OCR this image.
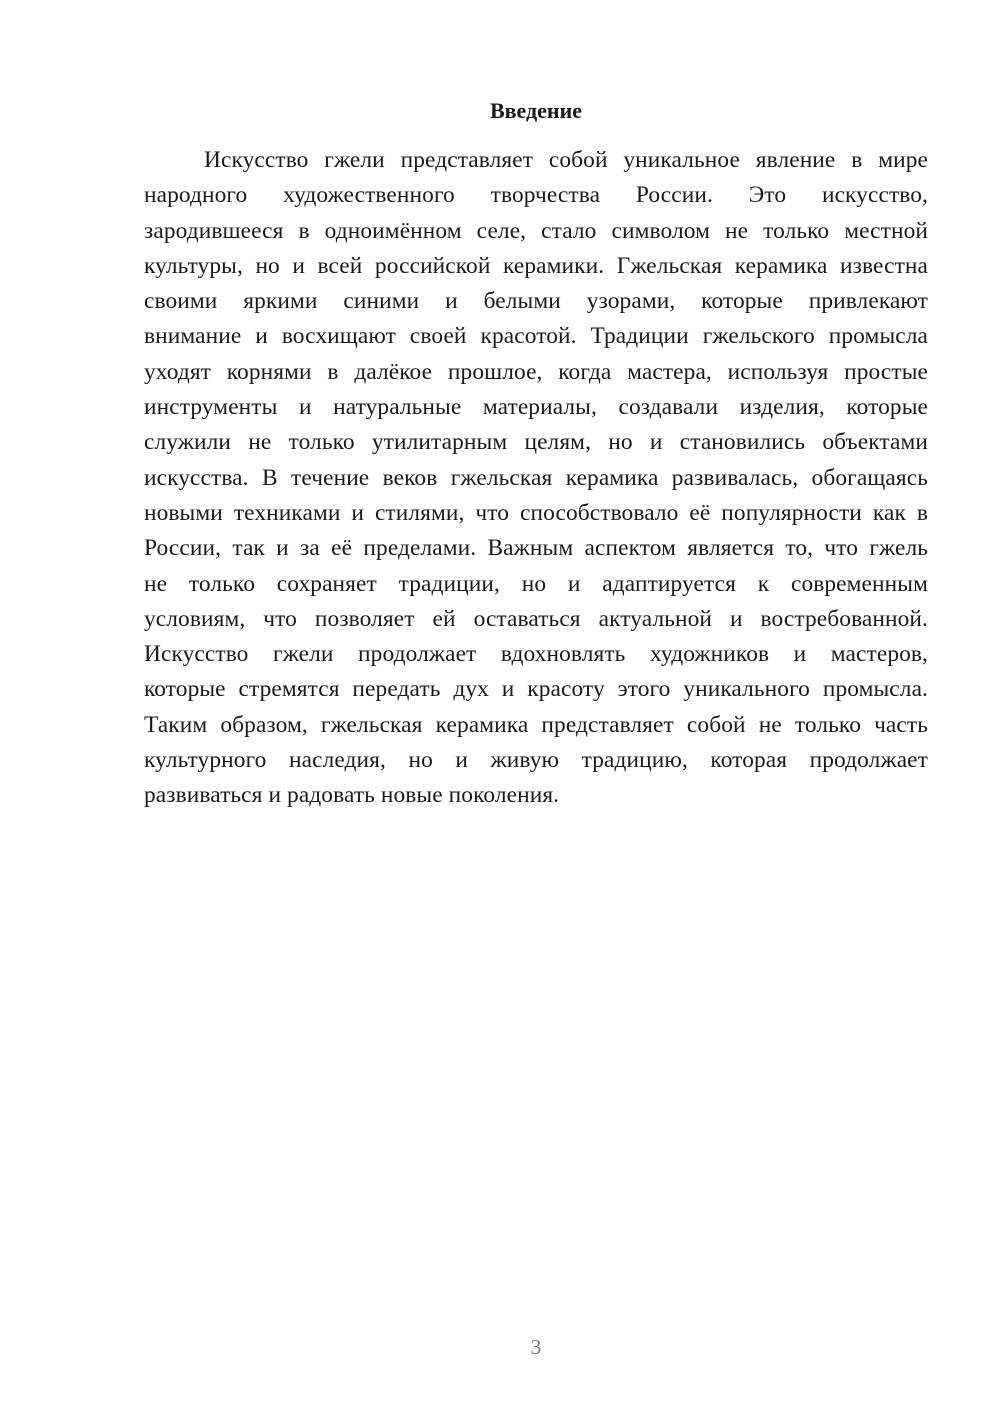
Введение

Искусство гжели представляет собой уникальное явление в мире
народного художественного творчества России. Это искусство,
зародившееся в одноимённом селе, стало символом не только местной
культуры, но и всей российской керамики. Гжельская керамика известна
своими яркими синими и белыми узорами, которые привлекают
внимание и восхищают своей красотой. Традиции гжельского промысла
уходят корнями в далёкое прошлое, когда мастера, используя простые
инструменты и натуральные материалы, создавали изделия, которые
служили не только утилитарным целям, но и становились объектами
искусства. В течение веков гжельская керамика развивалась, обогащаясь
новыми техниками и стилями, что способствовало её популярности как в
России, так и за её пределами. Важным аспектом является то, что гжель
не только сохраняет традиции, но и адаптируется к современным
условиям, что позволяет ей оставаться актуальной и востребованной.
Искусство гжели продолжает вдохновлять художников и мастеров,
которые стремятся передать дух и красоту этого уникального промысла.
Таким образом, гжельская керамика представляет собой не только часть
культурного наследия, но и живую традицию, которая продолжает
развиваться и радовать новые поколения.

3
